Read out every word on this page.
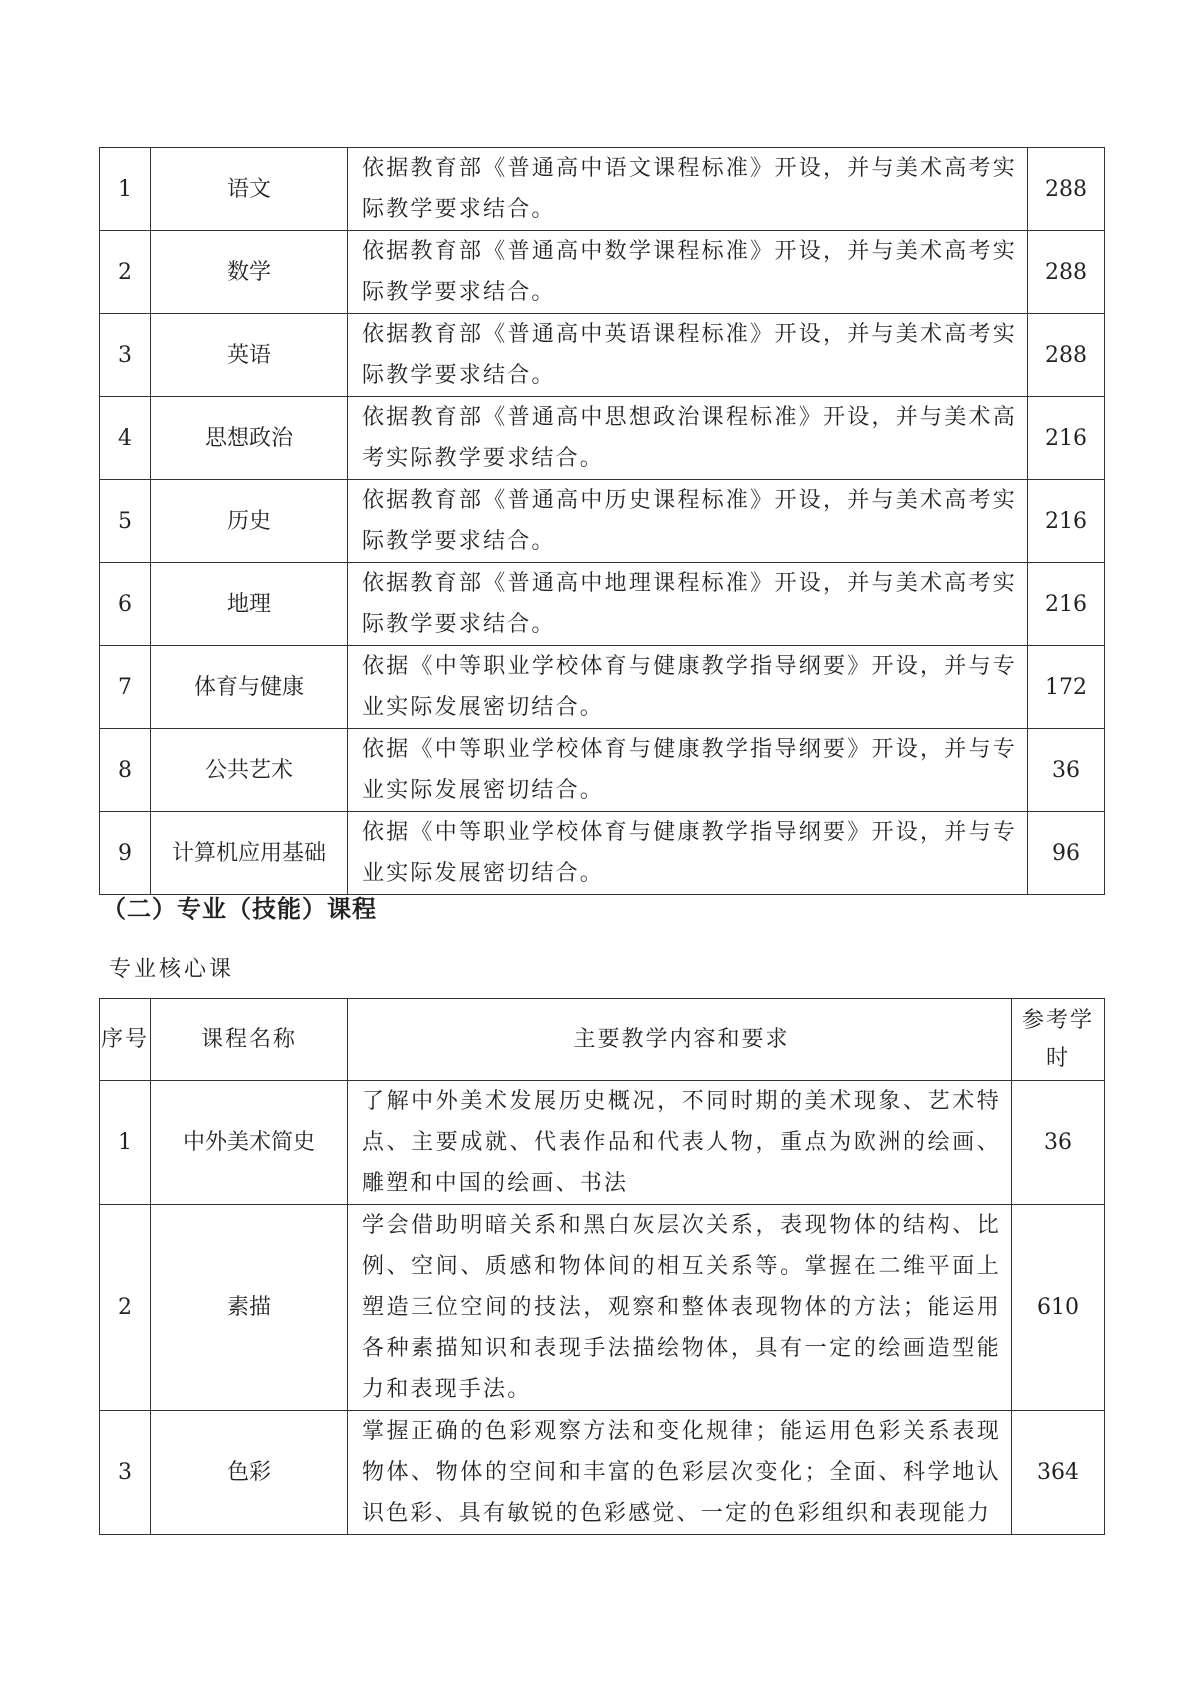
1	语文	依据教育部《普通高中语文课程标准》开设，并与美术高考实际教学要求结合。	288
2	数学	依据教育部《普通高中数学课程标准》开设，并与美术高考实际教学要求结合。	288
3	英语	依据教育部《普通高中英语课程标准》开设，并与美术高考实际教学要求结合。	288
4	思想政治	依据教育部《普通高中思想政治课程标准》开设，并与美术高考实际教学要求结合。	216
5	历史	依据教育部《普通高中历史课程标准》开设，并与美术高考实际教学要求结合。	216
6	地理	依据教育部《普通高中地理课程标准》开设，并与美术高考实际教学要求结合。	216
7	体育与健康	依据《中等职业学校体育与健康教学指导纲要》开设，并与专业实际发展密切结合。	172
8	公共艺术	依据《中等职业学校体育与健康教学指导纲要》开设，并与专业实际发展密切结合。	36
9	计算机应用基础	依据《中等职业学校体育与健康教学指导纲要》开设，并与专业实际发展密切结合。	96
（二）专业（技能）课程

专业核心课

序号	课程名称	主要教学内容和要求	参考学时
1	中外美术简史	了解中外美术发展历史概况，不同时期的美术现象、艺术特点、主要成就、代表作品和代表人物，重点为欧洲的绘画、雕塑和中国的绘画、书法	36
2	素描	学会借助明暗关系和黑白灰层次关系，表现物体的结构、比例、空间、质感和物体间的相互关系等。掌握在二维平面上塑造三位空间的技法，观察和整体表现物体的方法；能运用各种素描知识和表现手法描绘物体，具有一定的绘画造型能力和表现手法。	610
3	色彩	掌握正确的色彩观察方法和变化规律；能运用色彩关系表现物体、物体的空间和丰富的色彩层次变化；全面、科学地认识色彩、具有敏锐的色彩感觉、一定的色彩组织和表现能力	364
